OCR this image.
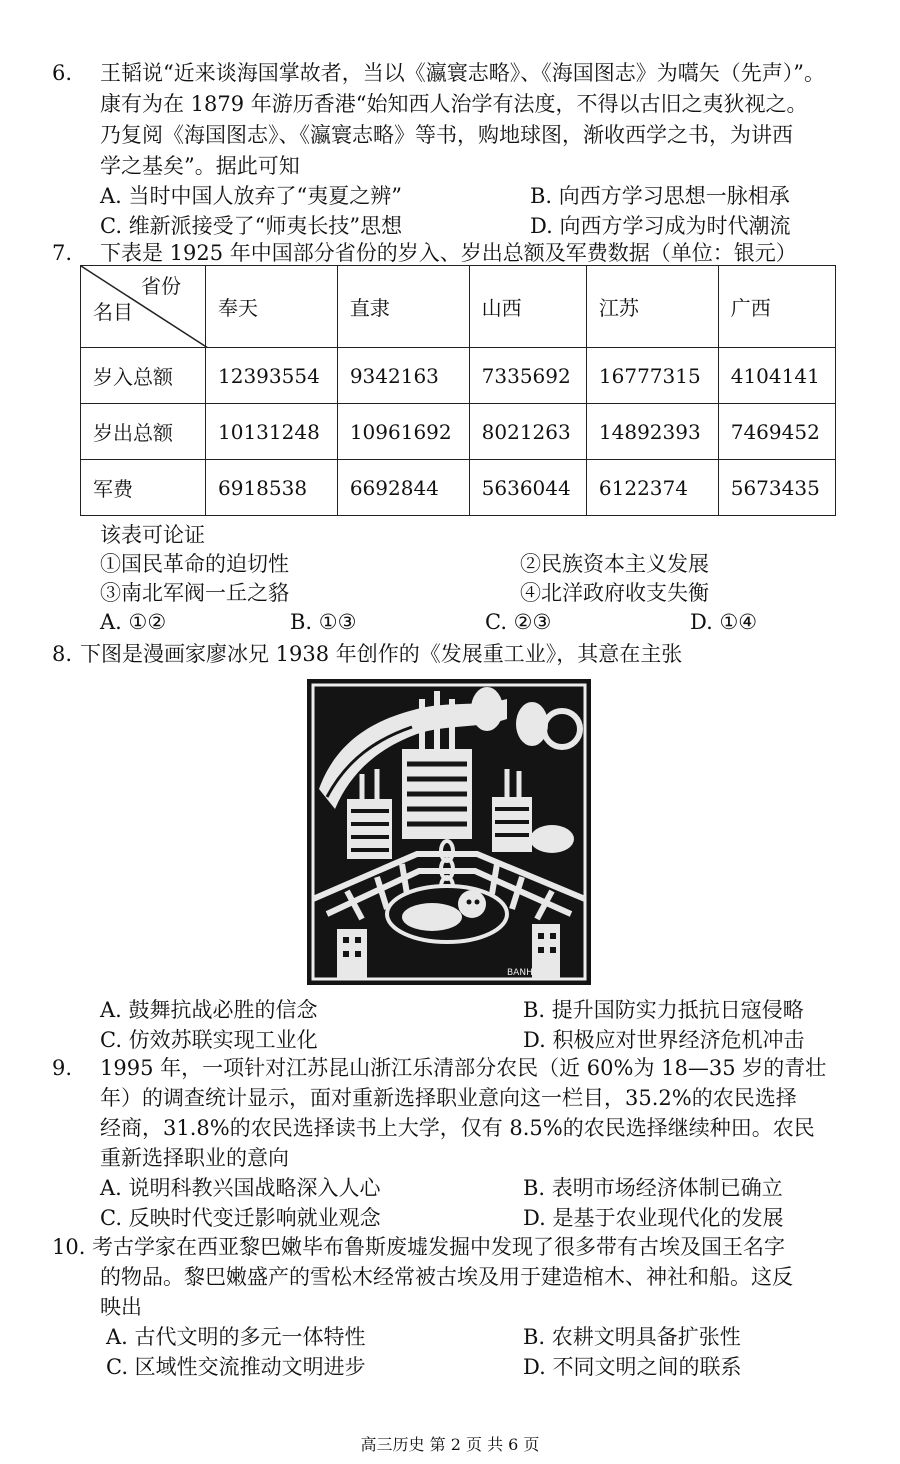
6. 王韬说“近来谈海国掌故者，当以《瀛寰志略》、《海国图志》为嚆矢（先声）”。
康有为在 1879 年游历香港“始知西人治学有法度，不得以古旧之夷狄视之。
乃复阅《海国图志》、《瀛寰志略》等书，购地球图，渐收西学之书，为讲西
学之基矣”。据此可知
A. 当时中国人放弃了“夷夏之辨”	B. 向西方学习思想一脉相承
C. 维新派接受了“师夷长技”思想	D. 向西方学习成为时代潮流
7. 下表是 1925 年中国部分省份的岁入、岁出总额及军费数据（单位：银元）
省份
名目	奉天	直隶	山西	江苏	广西
岁入总额	12393554	9342163	7335692	16777315	4104141
岁出总额	10131248	10961692	8021263	14892393	7469452
军费	6918538	6692844	5636044	6122374	5673435
该表可论证
①国民革命的迫切性	②民族资本主义发展
③南北军阀一丘之貉	④北洋政府收支失衡
A. ①②	B. ①③	C. ②③	D. ①④
8. 下图是漫画家廖冰兄 1938 年创作的《发展重工业》，其意在主张
BANHAN
A. 鼓舞抗战必胜的信念	B. 提升国防实力抵抗日寇侵略
C. 仿效苏联实现工业化	D. 积极应对世界经济危机冲击
9. 1995 年，一项针对江苏昆山浙江乐清部分农民（近 60%为 18—35 岁的青壮
年）的调查统计显示，面对重新选择职业意向这一栏目，35.2%的农民选择
经商，31.8%的农民选择读书上大学，仅有 8.5%的农民选择继续种田。农民
重新选择职业的意向
A. 说明科教兴国战略深入人心	B. 表明市场经济体制已确立
C. 反映时代变迁影响就业观念	D. 是基于农业现代化的发展
10. 考古学家在西亚黎巴嫩毕布鲁斯废墟发掘中发现了很多带有古埃及国王名字
的物品。黎巴嫩盛产的雪松木经常被古埃及用于建造棺木、神社和船。这反
映出
A. 古代文明的多元一体特性	B. 农耕文明具备扩张性
C. 区域性交流推动文明进步	D. 不同文明之间的联系
高三历史 第 2 页 共 6 页
